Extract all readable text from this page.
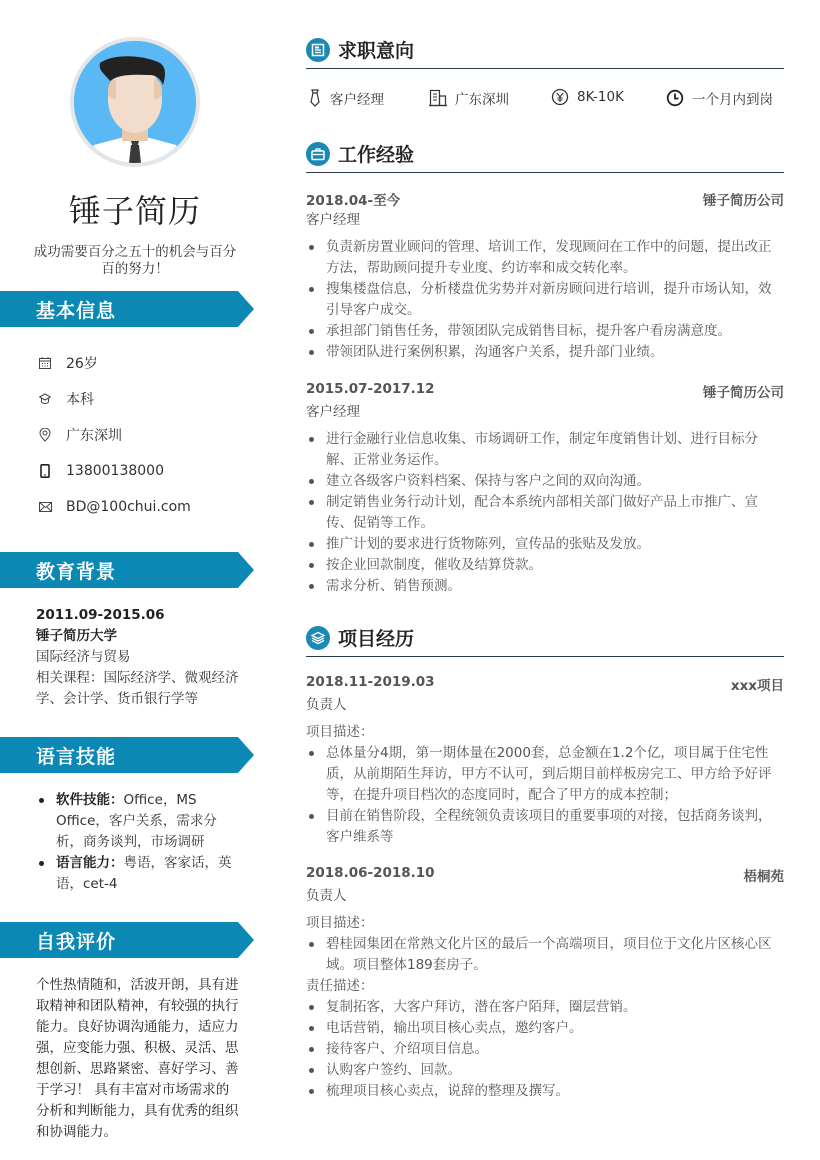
锤子简历
成功需要百分之五十的机会与百分百的努力！
基本信息
26岁
本科
广东深圳
13800138000
BD@100chui.com
教育背景
2011.09-2015.06
锤子简历大学
国际经济与贸易
相关课程：国际经济学、微观经济学、会计学、货币银行学等
语言技能
软件技能：Office，MS Office，客户关系，需求分析，商务谈判，市场调研
语言能力：粤语，客家话，英语，cet-4
自我评价
个性热情随和，活波开朗，具有进取精神和团队精神，有较强的执行能力。良好协调沟通能力，适应力强，应变能力强、积极、灵活、思想创新、思路紧密、喜好学习、善于学习！ 具有丰富对市场需求的分析和判断能力，具有优秀的组织和协调能力。
求职意向
客户经理	广东深圳	8K-10K	一个月内到岗
工作经验
2018.04-至今	锤子简历公司
客户经理
负责新房置业顾问的管理、培训工作，发现顾问在工作中的问题，提出改正方法，帮助顾问提升专业度、约访率和成交转化率。
搜集楼盘信息，分析楼盘优劣势并对新房顾问进行培训，提升市场认知，效引导客户成交。
承担部门销售任务，带领团队完成销售目标，提升客户看房满意度。
带领团队进行案例积累，沟通客户关系，提升部门业绩。
2015.07-2017.12	锤子简历公司
客户经理
进行金融行业信息收集、市场调研工作，制定年度销售计划、进行目标分解、正常业务运作。
建立各级客户资料档案、保持与客户之间的双向沟通。
制定销售业务行动计划，配合本系统内部相关部门做好产品上市推广、宣传、促销等工作。
推广计划的要求进行货物陈列，宣传品的张贴及发放。
按企业回款制度，催收及结算贷款。
需求分析、销售预测。
项目经历
2018.11-2019.03	xxx项目
负责人
项目描述：
总体量分4期，第一期体量在2000套，总金额在1.2个亿，项目属于住宅性质，从前期陌生拜访，甲方不认可，到后期目前样板房完工、甲方给予好评等，在提升项目档次的态度同时，配合了甲方的成本控制；
目前在销售阶段，全程统领负责该项目的重要事项的对接，包括商务谈判，客户维系等
2018.06-2018.10	梧桐苑
负责人
项目描述：
碧桂园集团在常熟文化片区的最后一个高端项目，项目位于文化片区核心区域。项目整体189套房子。
责任描述：
复制拓客，大客户拜访，潜在客户陌拜，圈层营销。
电话营销，输出项目核心卖点，邀约客户。
接待客户、介绍项目信息。
认购客户签约、回款。
梳理项目核心卖点，说辞的整理及撰写。
